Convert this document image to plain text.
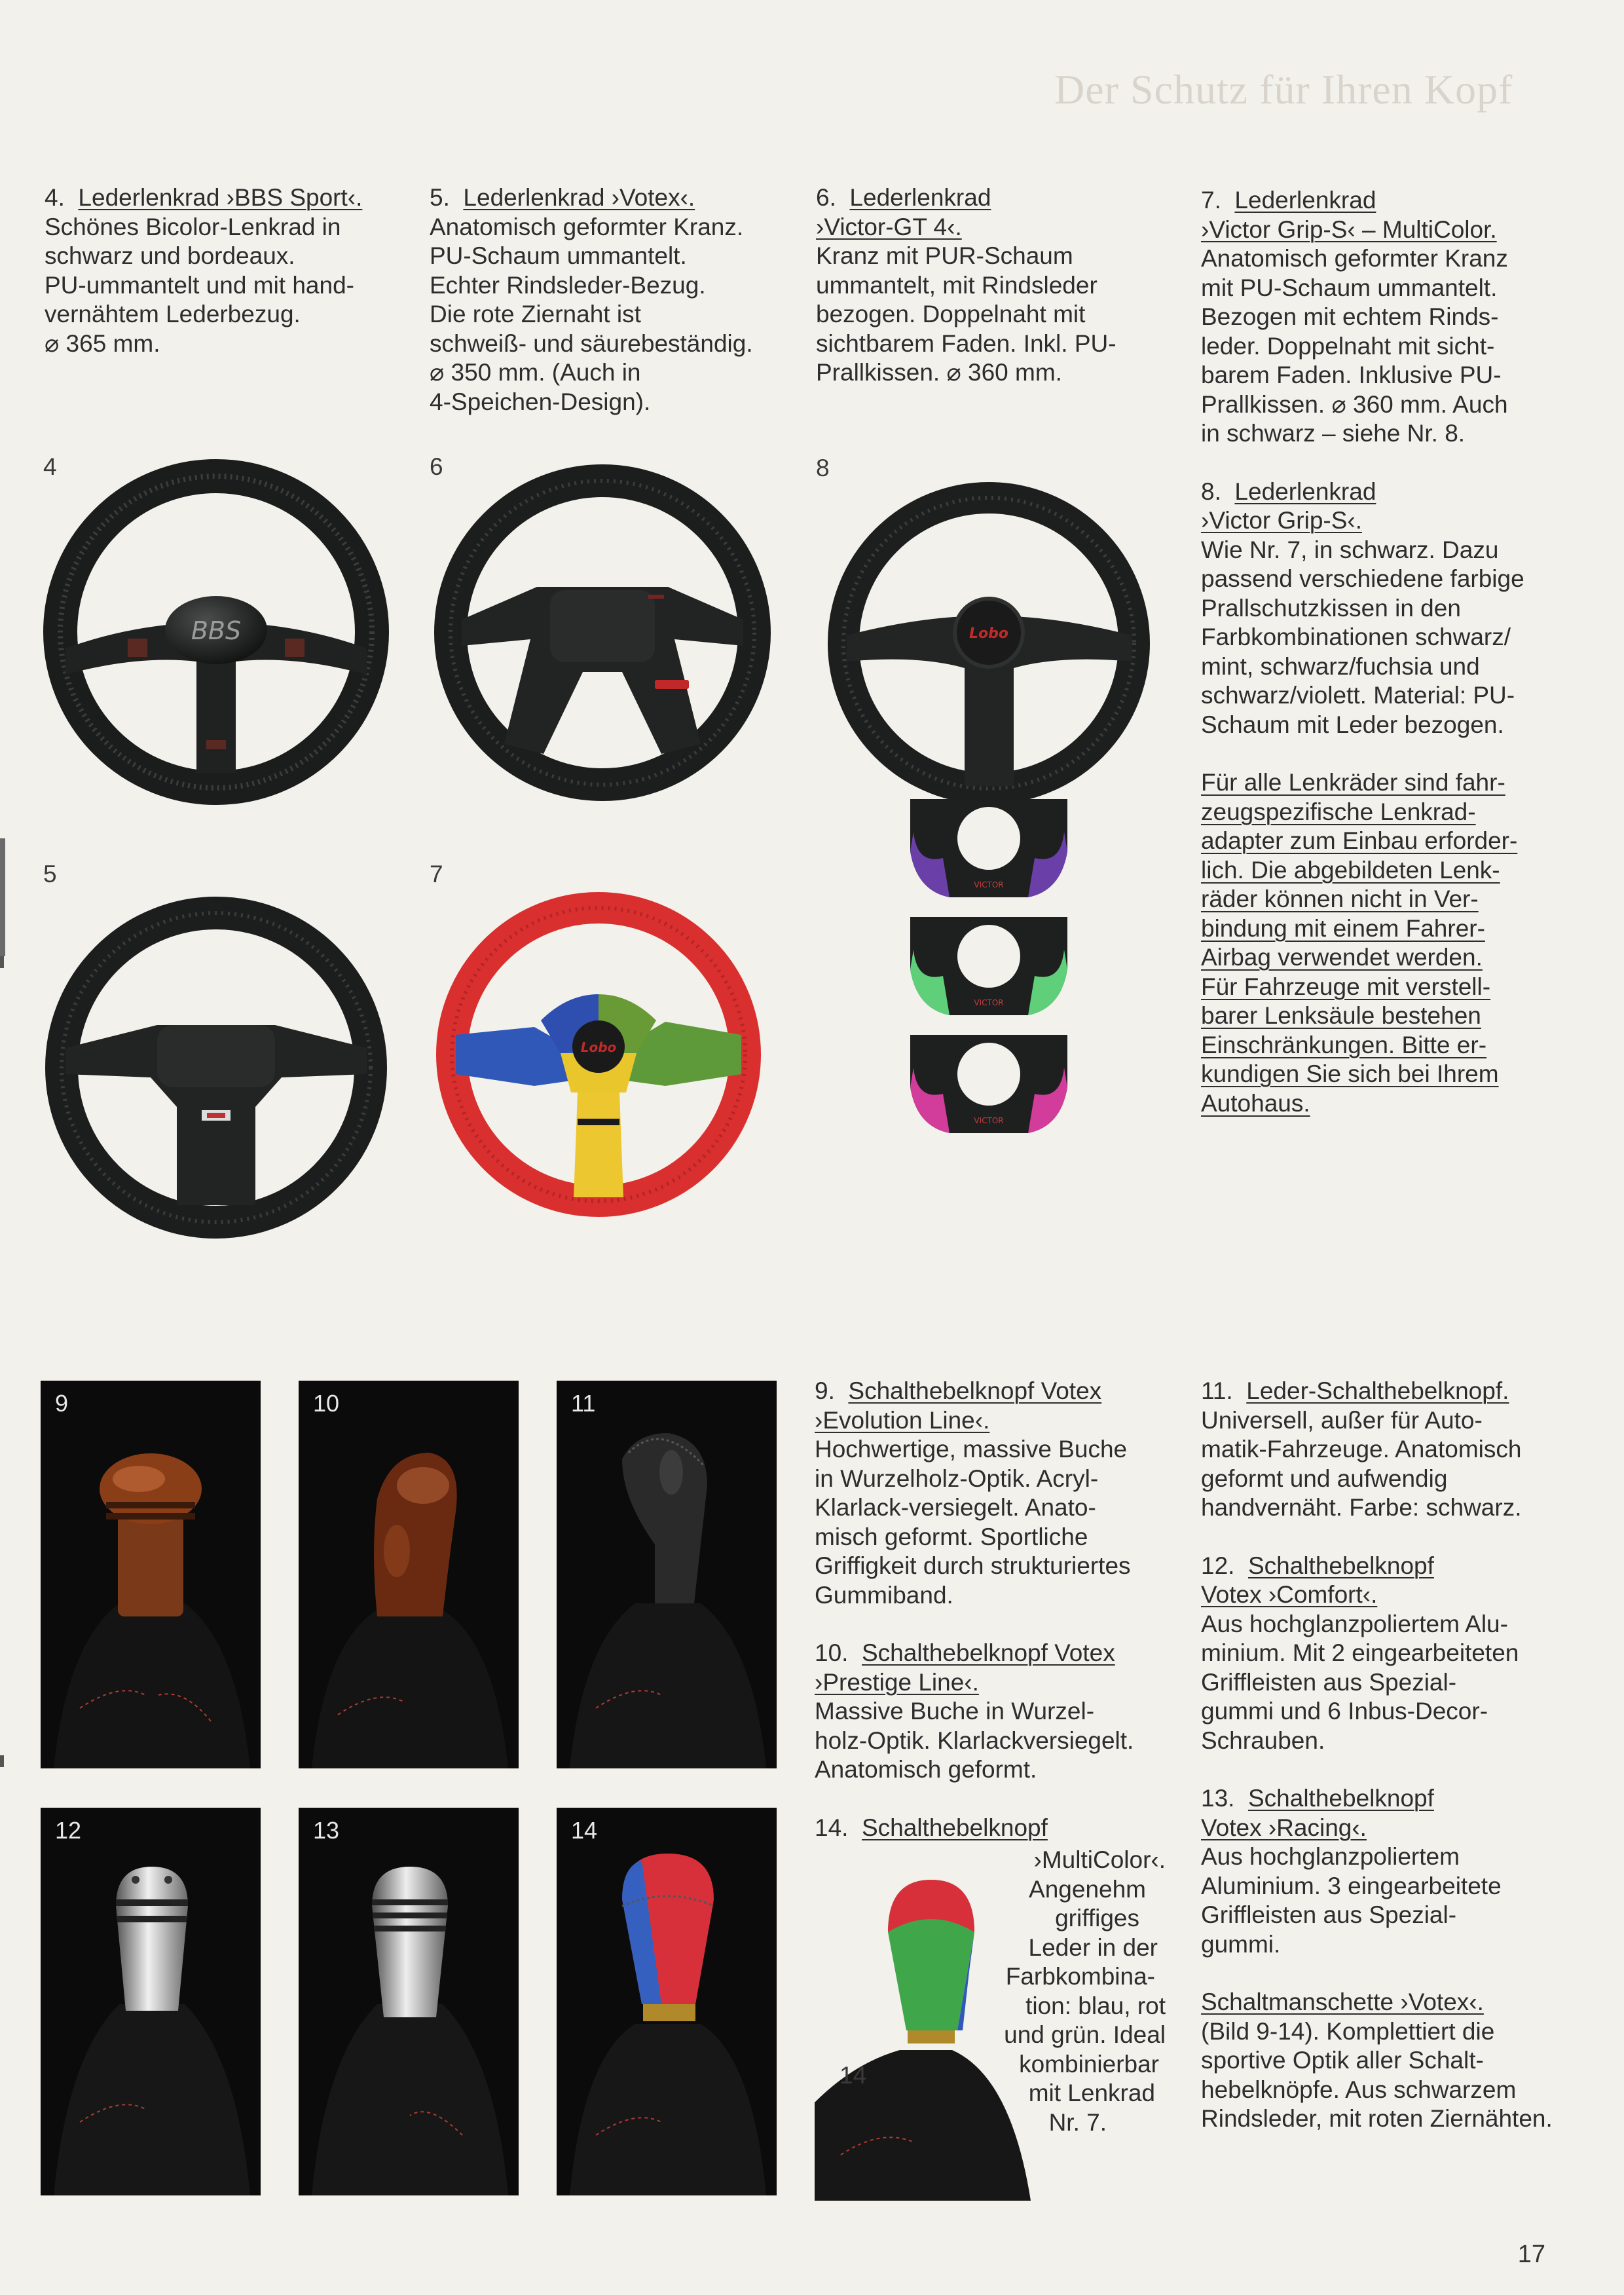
Der Schutz für Ihren Kopf

4. Lederlenkrad ›BBS Sport‹.
Schönes Bicolor-Lenkrad in
schwarz und bordeaux.
PU-ummantelt und mit hand-
vernähtem Lederbezug.
⌀ 365 mm.

5. Lederlenkrad ›Votex‹.
Anatomisch geformter Kranz.
PU-Schaum ummantelt.
Echter Rindsleder-Bezug.
Die rote Ziernaht ist
schweiß- und säurebeständig.
⌀ 350 mm. (Auch in
4-Speichen-Design).

6. Lederlenkrad
›Victor-GT 4‹.
Kranz mit PUR-Schaum
ummantelt, mit Rindsleder
bezogen. Doppelnaht mit
sichtbarem Faden. Inkl. PU-
Prallkissen. ⌀ 360 mm.

7. Lederlenkrad
›Victor Grip-S‹ – MultiColor.
Anatomisch geformter Kranz
mit PU-Schaum ummantelt.
Bezogen mit echtem Rinds-
leder. Doppelnaht mit sicht-
barem Faden. Inklusive PU-
Prallkissen. ⌀ 360 mm. Auch
in schwarz – siehe Nr. 8.

8. Lederlenkrad
›Victor Grip-S‹.
Wie Nr. 7, in schwarz. Dazu
passend verschiedene farbige
Prallschutzkissen in den
Farbkombinationen schwarz/
mint, schwarz/fuchsia und
schwarz/violett. Material: PU-
Schaum mit Leder bezogen.

Für alle Lenkräder sind fahr-
zeugspezifische Lenkrad-
adapter zum Einbau erforder-
lich. Die abgebildeten Lenk-
räder können nicht in Ver-
bindung mit einem Fahrer-
Airbag verwendet werden.
Für Fahrzeuge mit verstell-
barer Lenksäule bestehen
Einschränkungen. Bitte er-
kundigen Sie sich bei Ihrem
Autohaus.

4	6	8
5	7
BBS	Lobo
VICTOR
VICTOR
VICTOR
Lobo
9	10	11
12	13	14
14

9. Schalthebelknopf Votex
›Evolution Line‹.
Hochwertige, massive Buche
in Wurzelholz-Optik. Acryl-
Klarlack-versiegelt. Anato-
misch geformt. Sportliche
Griffigkeit durch strukturiertes
Gummiband.

10. Schalthebelknopf Votex
›Prestige Line‹.
Massive Buche in Wurzel-
holz-Optik. Klarlackversiegelt.
Anatomisch geformt.

14. Schalthebelknopf

›MultiColor‹.
Angenehm
griffiges
Leder in der
Farbkombina-
tion: blau, rot
und grün. Ideal
kombinierbar
mit Lenkrad
Nr. 7.

11. Leder-Schalthebelknopf.
Universell, außer für Auto-
matik-Fahrzeuge. Anatomisch
geformt und aufwendig
handvernäht. Farbe: schwarz.

12. Schalthebelknopf
Votex ›Comfort‹.
Aus hochglanzpoliertem Alu-
minium. Mit 2 eingearbeiteten
Griffleisten aus Spezial-
gummi und 6 Inbus-Decor-
Schrauben.

13. Schalthebelknopf
Votex ›Racing‹.
Aus hochglanzpoliertem
Aluminium. 3 eingearbeitete
Griffleisten aus Spezial-
gummi.

Schaltmanschette ›Votex‹.
(Bild 9-14). Komplettiert die
sportive Optik aller Schalt-
hebelknöpfe. Aus schwarzem
Rindsleder, mit roten Ziernähten.

17
